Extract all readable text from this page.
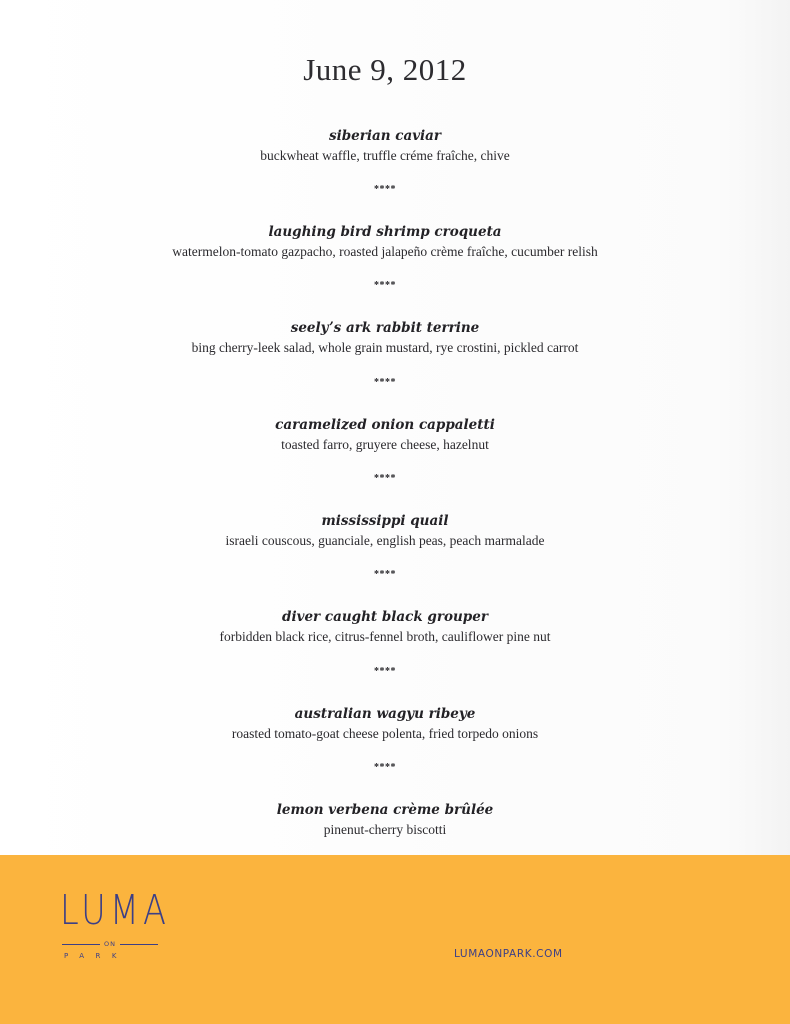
June 9, 2012
siberian caviar
buckwheat waffle, truffle créme fraîche, chive
****
laughing bird shrimp croqueta
watermelon-tomato gazpacho, roasted jalapeño crème fraîche, cucumber relish
****
seely’s ark rabbit terrine
bing cherry-leek salad, whole grain mustard, rye crostini, pickled carrot
****
caramelized onion cappaletti
toasted farro, gruyere cheese, hazelnut
****
mississippi quail
israeli couscous, guanciale, english peas, peach marmalade
****
diver caught black grouper
forbidden black rice, citrus-fennel broth, cauliflower pine nut
****
australian wagyu ribeye
roasted tomato-goat cheese polenta, fried torpedo onions
****
lemon verbena crème brûlée
pinenut-cherry biscotti
LUMA
ON
PARK	LUMAONPARK.COM
